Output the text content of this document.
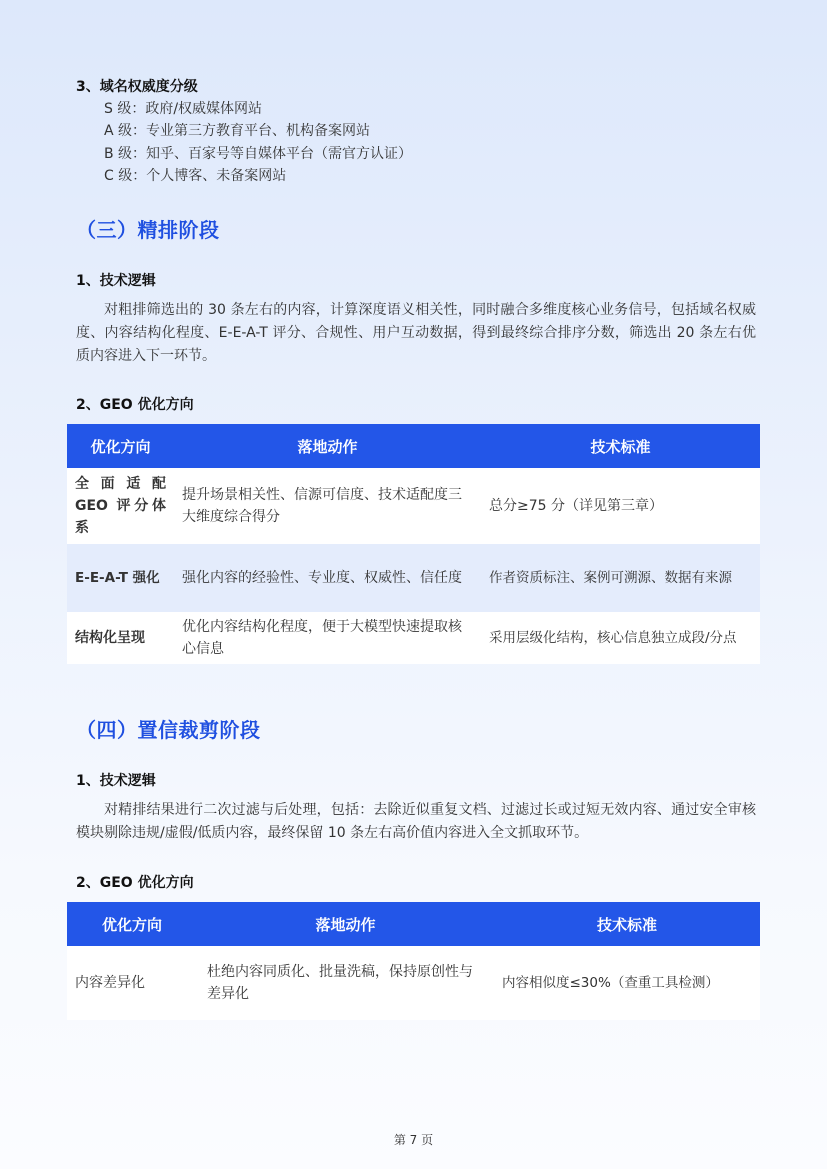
3、域名权威度分级
S 级：政府/权威媒体网站
A 级：专业第三方教育平台、机构备案网站
B 级：知乎、百家号等自媒体平台（需官方认证）
C 级：个人博客、未备案网站
（三）精排阶段
1、技术逻辑
对粗排筛选出的 30 条左右的内容，计算深度语义相关性，同时融合多维度核心业务信号，包括域名权威度、内容结构化程度、E-E-A-T 评分、合规性、用户互动数据，得到最终综合排序分数，筛选出 20 条左右优质内容进入下一环节。
2、GEO 优化方向
优化方向	落地动作	技术标准
全面适配 GEO 评分体系	提升场景相关性、信源可信度、技术适配度三大维度综合得分	总分≥75 分（详见第三章）
E-E-A-T 强化	强化内容的经验性、专业度、权威性、信任度	作者资质标注、案例可溯源、数据有来源
结构化呈现	优化内容结构化程度，便于大模型快速提取核心信息	采用层级化结构，核心信息独立成段/分点
（四）置信裁剪阶段
1、技术逻辑
对精排结果进行二次过滤与后处理，包括：去除近似重复文档、过滤过长或过短无效内容、通过安全审核模块剔除违规/虚假/低质内容，最终保留 10 条左右高价值内容进入全文抓取环节。
2、GEO 优化方向
优化方向	落地动作	技术标准
内容差异化	杜绝内容同质化、批量洗稿，保持原创性与差异化	内容相似度≤30%（查重工具检测）
第 7 页
